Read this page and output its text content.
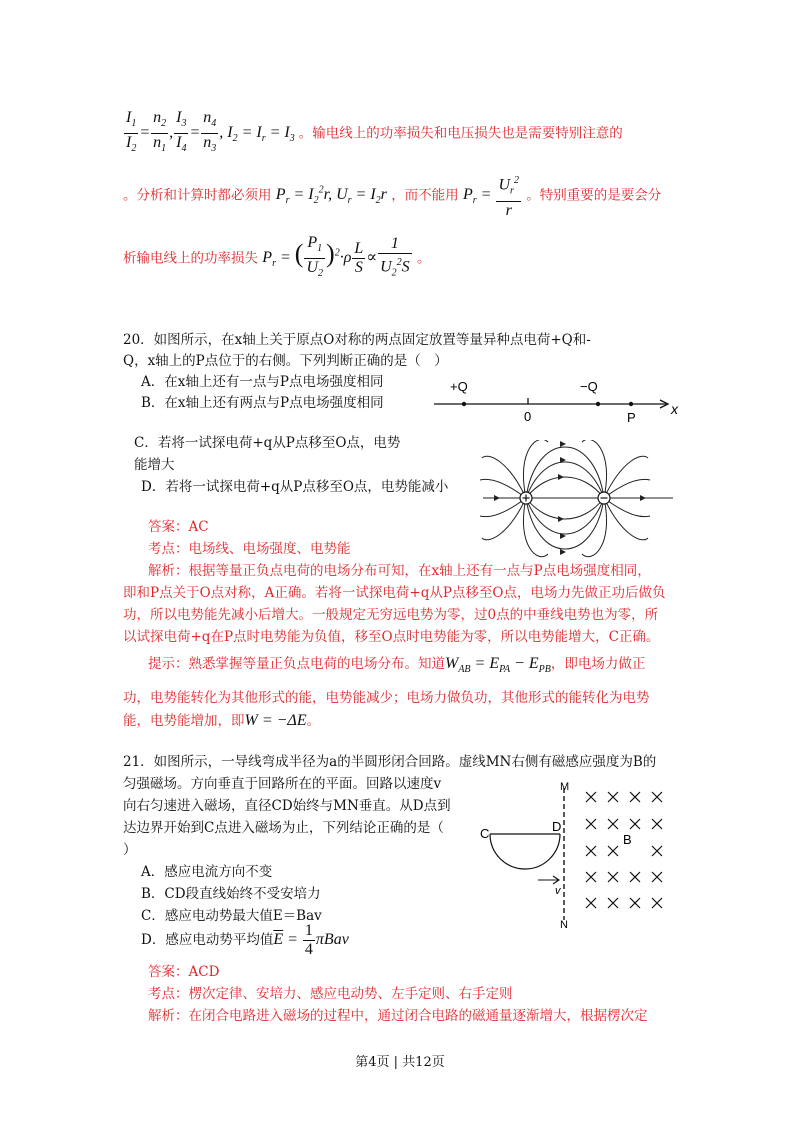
$\frac{I_1}{I_2} = \frac{n_2}{n_1}$ , $\frac{I_3}{I_4} = \frac{n_4}{n_3}$ , $I_2 = I_r = I_3$ 。输电线上的功率损失和电压损失也是需要特别注意的
。分析和计算时都必须用 $P_r = I_2^2r$, $U_r = I_2r$ ，而不能用 $P_r = \frac{U_r^2}{r}$ 。特别重要的是要会分
析输电线上的功率损失 $P_r$ = ( $\frac{P_1}{U_2} )^2\cdot\rho \frac{L}{S} \propto \frac{1}{U_2^2S}$ 。
20．如图所示，在x轴上关于原点O对称的两点固定放置等量异种点电荷+Q和-
Q，x轴上的P点位于的右侧。下列判断正确的是（　）
A．在x轴上还有一点与P点电场强度相同
B．在x轴上还有两点与P点电场强度相同
C．若将一试探电荷+q从P点移至O点，电势
能增大
D．若将一试探电荷+q从P点移至O点，电势能减小
+Q
0
−Q
P
x
答案：AC
考点：电场线、电场强度、电势能
解析：根据等量正负点电荷的电场分布可知，在x轴上还有一点与P点电场强度相同，
即和P点关于O点对称，A正确。若将一试探电荷+q从P点移至O点，电场力先做正功后做负
功，所以电势能先减小后增大。一般规定无穷远电势为零，过0点的中垂线电势也为零，所
以试探电荷+q在P点时电势能为负值，移至O点时电势能为零，所以电势能增大，C正确。
提示：熟悉掌握等量正负点电荷的电场分布。知道$W_{AB} = E_{PA} - E_{PB}$，即电场力做正
功，电势能转化为其他形式的能，电势能减少；电场力做负功，其他形式的能转化为电势
能，电势能增加，即W = −ΔE。
21．如图所示，一导线弯成半径为a的半圆形闭合回路。虚线MN右侧有磁感应强度为B的
匀强磁场。方向垂直于回路所在的平面。回路以速度v
向右匀速进入磁场，直径CD始终与MN垂直。从D点到
达边界开始到C点进入磁场为止，下列结论正确的是（
）
A．感应电流方向不变
B．CD段直线始终不受安培力
C．感应电动势最大值E＝Bav
D．感应电动势平均值$\overline{E} = \frac{1}{4}$ πBav
M
N
C	D
v
B
答案：ACD
考点：楞次定律、安培力、感应电动势、左手定则、右手定则
解析：在闭合电路进入磁场的过程中，通过闭合电路的磁通量逐渐增大，根据楞次定
第4页 | 共12页
